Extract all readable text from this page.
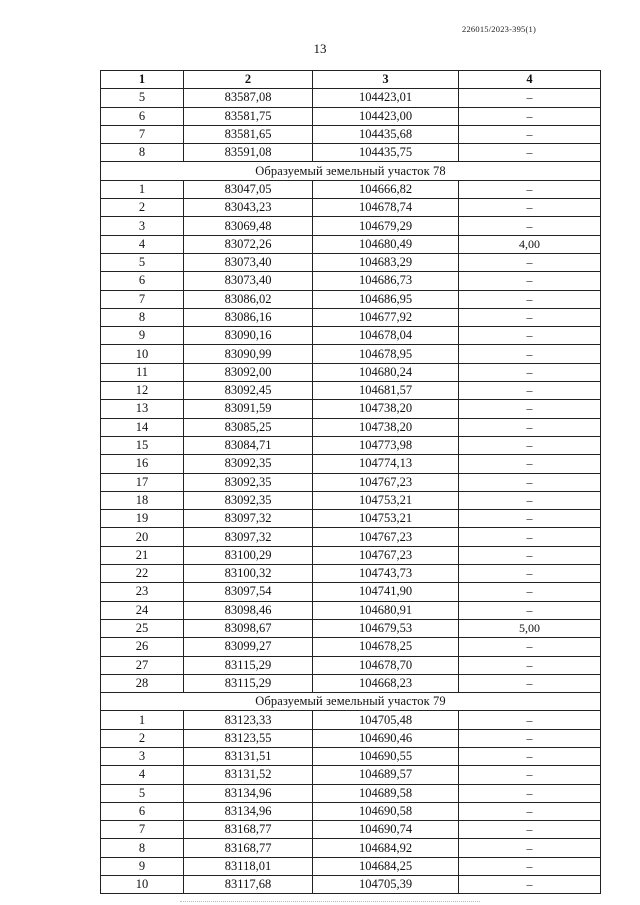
226015/2023-395(1)
13
1	2	3	4
5	83587,08	104423,01	–
6	83581,75	104423,00	–
7	83581,65	104435,68	–
8	83591,08	104435,75	–
Образуемый земельный участок 78			
1	83047,05	104666,82	–
2	83043,23	104678,74	–
3	83069,48	104679,29	–
4	83072,26	104680,49	4,00
5	83073,40	104683,29	–
6	83073,40	104686,73	–
7	83086,02	104686,95	–
8	83086,16	104677,92	–
9	83090,16	104678,04	–
10	83090,99	104678,95	–
11	83092,00	104680,24	–
12	83092,45	104681,57	–
13	83091,59	104738,20	–
14	83085,25	104738,20	–
15	83084,71	104773,98	–
16	83092,35	104774,13	–
17	83092,35	104767,23	–
18	83092,35	104753,21	–
19	83097,32	104753,21	–
20	83097,32	104767,23	–
21	83100,29	104767,23	–
22	83100,32	104743,73	–
23	83097,54	104741,90	–
24	83098,46	104680,91	–
25	83098,67	104679,53	5,00
26	83099,27	104678,25	–
27	83115,29	104678,70	–
28	83115,29	104668,23	–
Образуемый земельный участок 79			
1	83123,33	104705,48	–
2	83123,55	104690,46	–
3	83131,51	104690,55	–
4	83131,52	104689,57	–
5	83134,96	104689,58	–
6	83134,96	104690,58	–
7	83168,77	104690,74	–
8	83168,77	104684,92	–
9	83118,01	104684,25	–
10	83117,68	104705,39	–
